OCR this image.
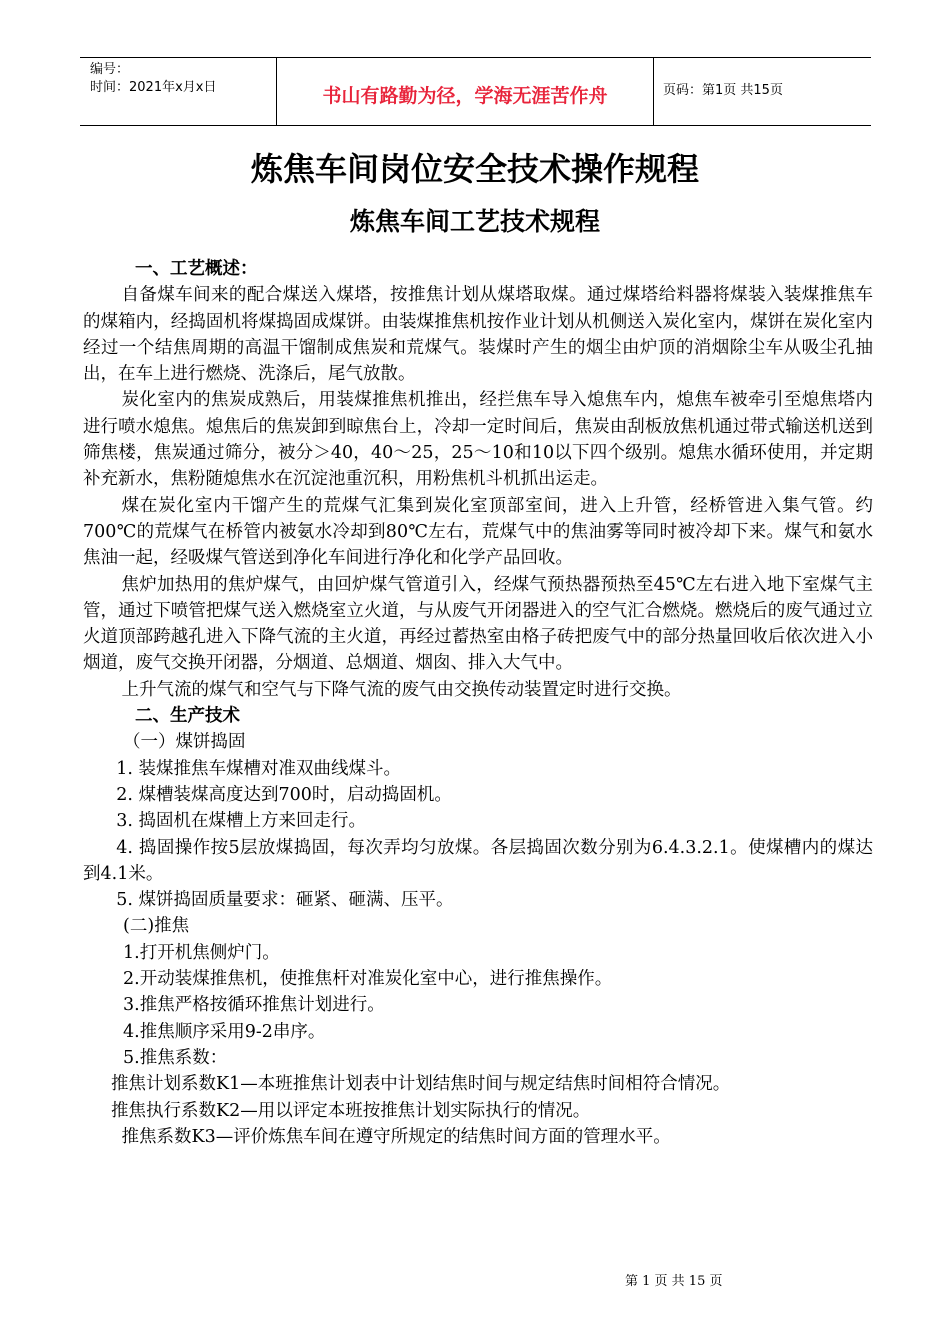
编号：
时间：2021年x月x日	书山有路勤为径，学海无涯苦作舟	页码：第1页 共15页
炼焦车间岗位安全技术操作规程
炼焦车间工艺技术规程

一、工艺概述：

自备煤车间来的配合煤送入煤塔，按推焦计划从煤塔取煤。通过煤塔给料器将煤装入装煤推焦车的煤箱内，经捣固机将煤捣固成煤饼。由装煤推焦机按作业计划从机侧送入炭化室内，煤饼在炭化室内经过一个结焦周期的高温干馏制成焦炭和荒煤气。装煤时产生的烟尘由炉顶的消烟除尘车从吸尘孔抽出，在车上进行燃烧、洗涤后，尾气放散。

炭化室内的焦炭成熟后，用装煤推焦机推出，经拦焦车导入熄焦车内，熄焦车被牵引至熄焦塔内进行喷水熄焦。熄焦后的焦炭卸到晾焦台上，冷却一定时间后，焦炭由刮板放焦机通过带式输送机送到筛焦楼，焦炭通过筛分，被分＞40，40～25，25～10和10以下四个级别。熄焦水循环使用，并定期补充新水，焦粉随熄焦水在沉淀池重沉积，用粉焦机斗机抓出运走。

煤在炭化室内干馏产生的荒煤气汇集到炭化室顶部室间，进入上升管，经桥管进入集气管。约700℃的荒煤气在桥管内被氨水冷却到80℃左右，荒煤气中的焦油雾等同时被冷却下来。煤气和氨水焦油一起，经吸煤气管送到净化车间进行净化和化学产品回收。

焦炉加热用的焦炉煤气，由回炉煤气管道引入，经煤气预热器预热至45℃左右进入地下室煤气主管，通过下喷管把煤气送入燃烧室立火道，与从废气开闭器进入的空气汇合燃烧。燃烧后的废气通过立火道顶部跨越孔进入下降气流的主火道，再经过蓄热室由格子砖把废气中的部分热量回收后依次进入小烟道，废气交换开闭器，分烟道、总烟道、烟囱、排入大气中。

上升气流的煤气和空气与下降气流的废气由交换传动装置定时进行交换。

二、生产技术

（一）煤饼捣固

1. 装煤推焦车煤槽对准双曲线煤斗。

2. 煤槽装煤高度达到700时，启动捣固机。

3. 捣固机在煤槽上方来回走行。

4. 捣固操作按5层放煤捣固，每次弄均匀放煤。各层捣固次数分别为6.4.3.2.1。使煤槽内的煤达到4.1米。

5. 煤饼捣固质量要求：砸紧、砸满、压平。

(二)推焦

1.打开机焦侧炉门。

2.开动装煤推焦机，使推焦杆对准炭化室中心，进行推焦操作。

3.推焦严格按循环推焦计划进行。

4.推焦顺序采用9-2串序。

5.推焦系数：

推焦计划系数K1—本班推焦计划表中计划结焦时间与规定结焦时间相符合情况。

推焦执行系数K2—用以评定本班按推焦计划实际执行的情况。

推焦系数K3—评价炼焦车间在遵守所规定的结焦时间方面的管理水平。

第 1 页 共 15 页
